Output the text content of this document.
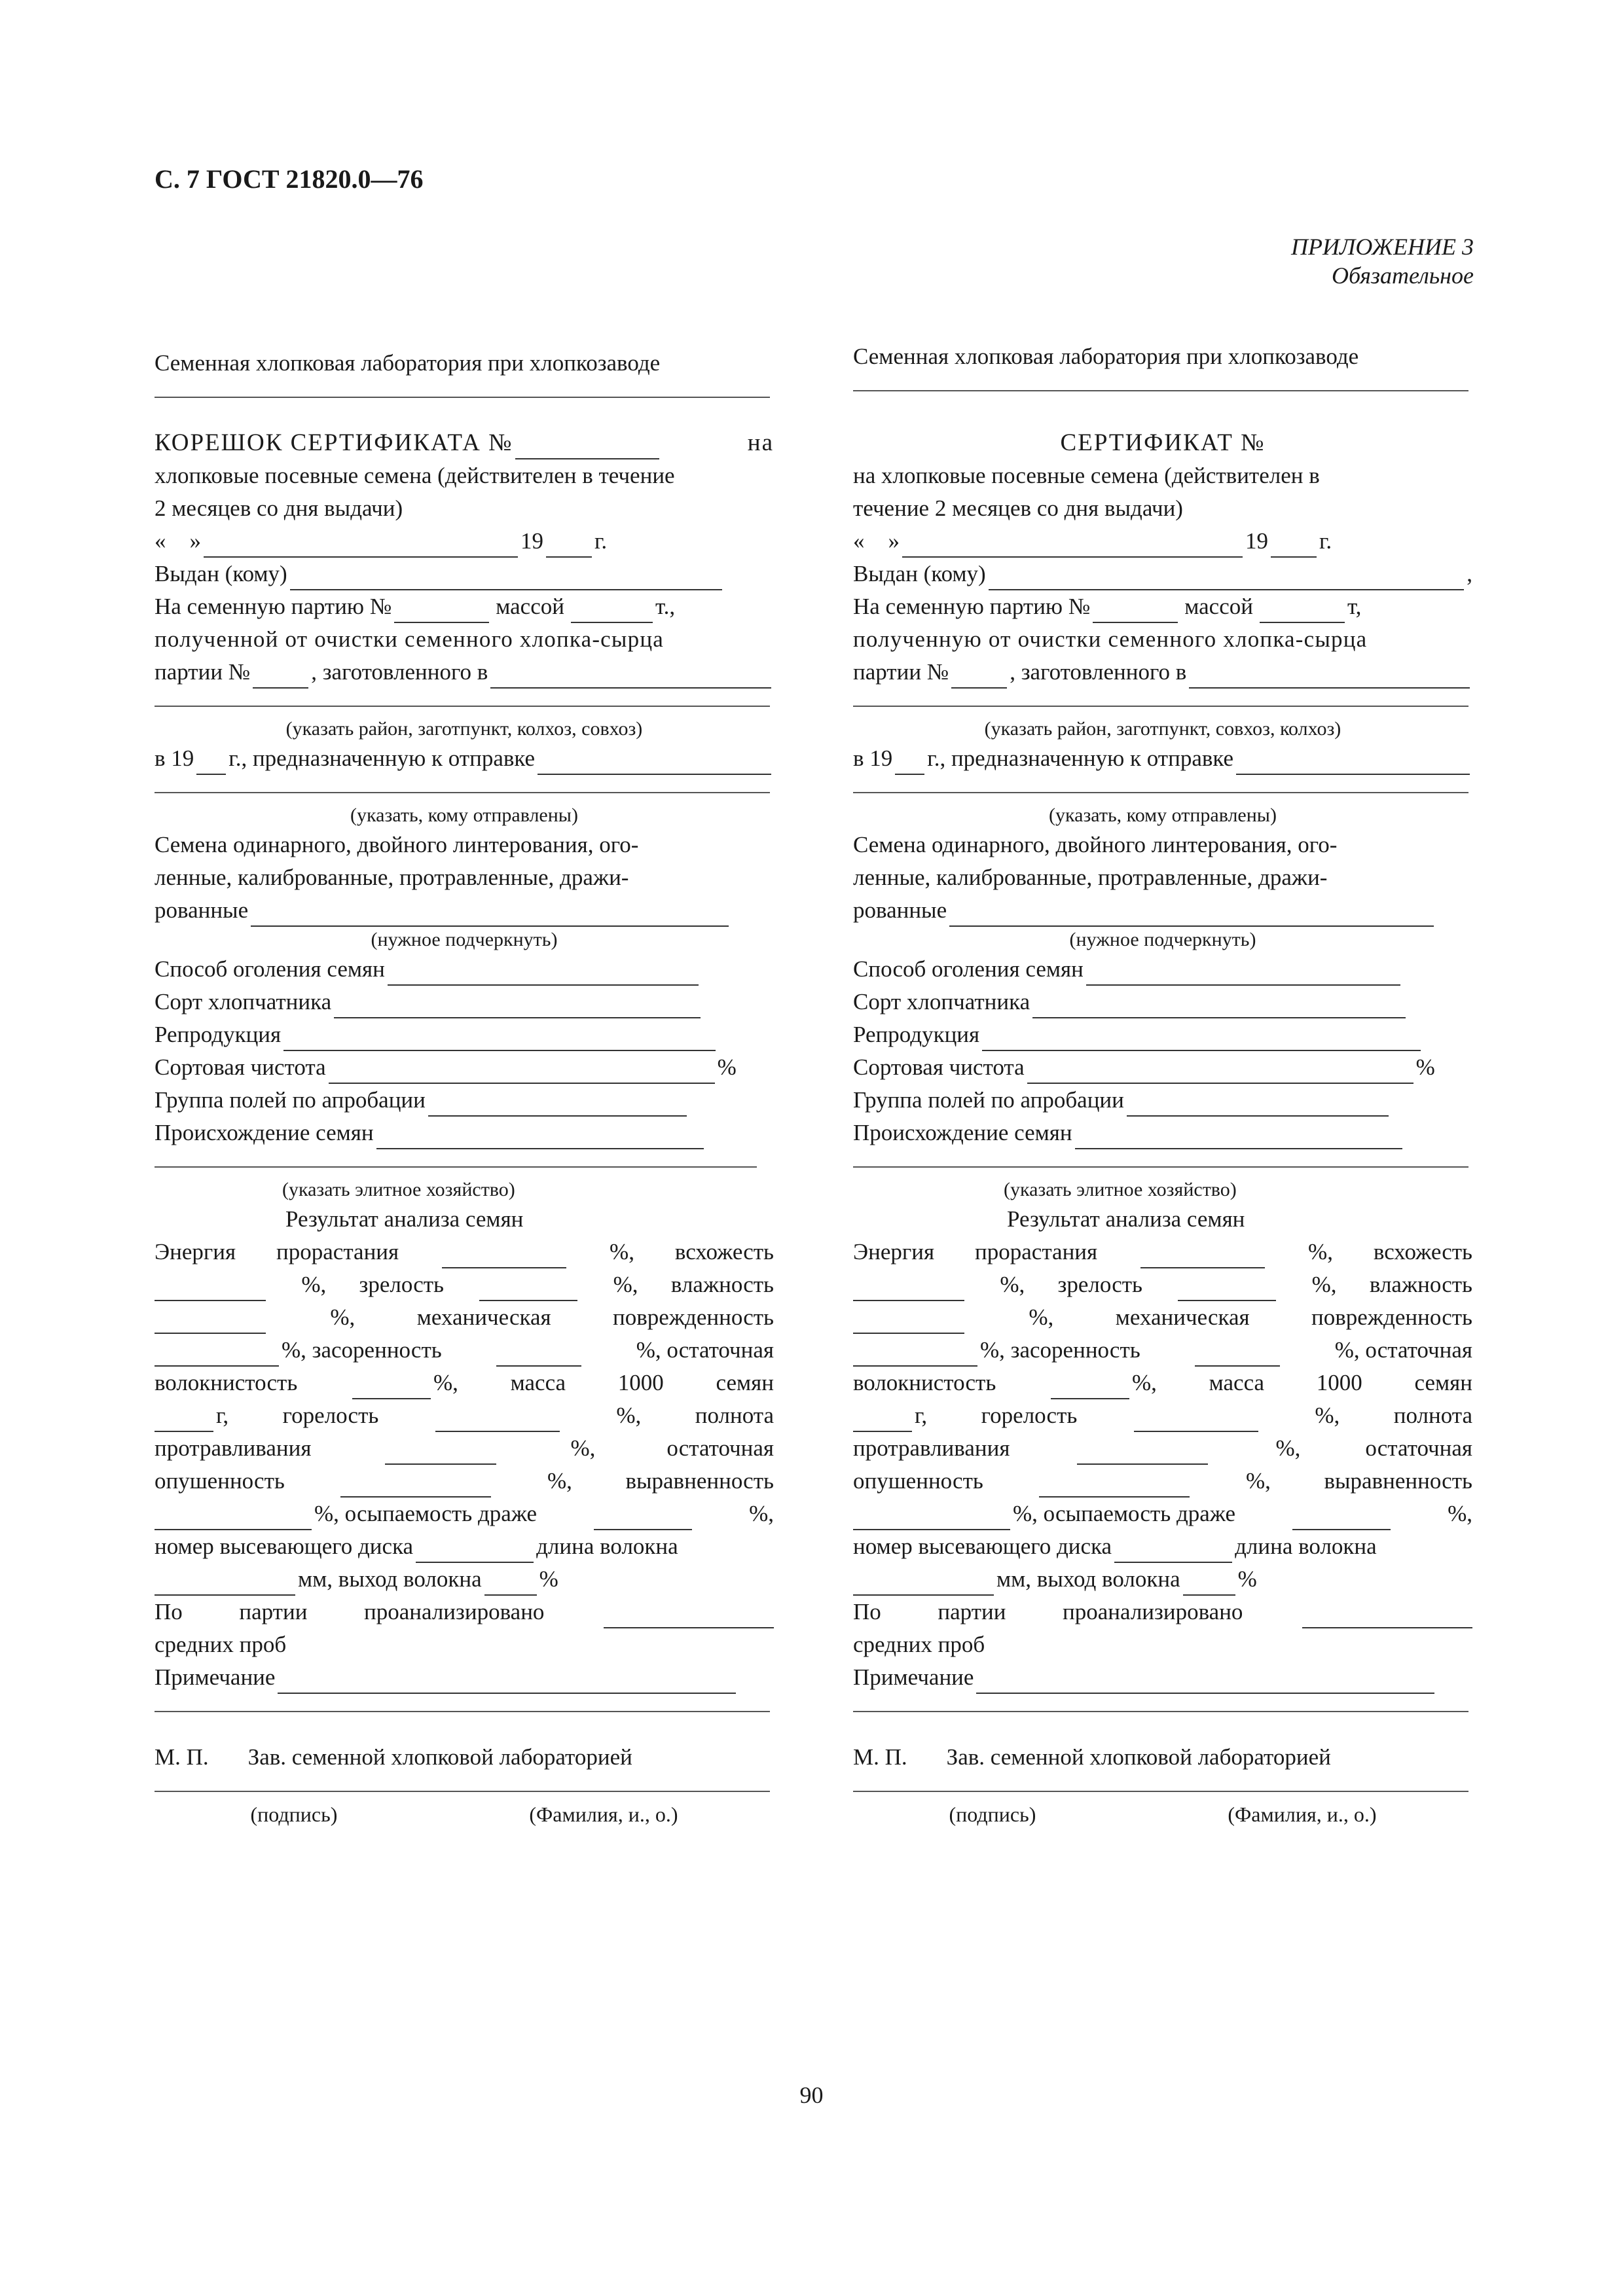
С. 7 ГОСТ 21820.0—76
ПРИЛОЖЕНИЕ 3
Обязательное
Семенная хлопковая лаборатория при хлопкозаводе
КОРЕШОК СЕРТИФИКАТА №	на
хлопковые посевные семена (действителен в течение
2 месяцев со дня выдачи)
« »	19 г.
Выдан (кому)
На семенную партию №	массой	т.,
полученной от очистки семенного хлопка-сырца
партии №	, заготовленного в
(указать район, заготпункт, колхоз, совхоз)
в 19 г., предназначенную к отправке
(указать, кому отправлены)
Семена одинарного, двойного линтерования, ого-
ленные, калиброванные, протравленные, дражи-
рованные
(нужное подчеркнуть)
Способ оголения семян
Сорт хлопчатника
Репродукция
Сортовая чистота	%
Группа полей по апробации
Происхождение семян
(указать элитное хозяйство)
Результат анализа семян
Энергия прорастания	%, всхожесть
%, зрелость	%, влажность
%,	механическая	поврежденность
%, засоренность	%, остаточная
волокнистость	%, масса 1000 семян
г, горелость	%, полнота
протравливания	%,	остаточная
опушенность	%, выравненность
%, осыпаемость драже	%,
номер высевающего диска	длина волокна
мм, выход волокна	%
По партии проанализировано
средних проб
Примечание
М. П. Зав. семенной хлопковой лабораторией
(подпись)	(Фамилия, и., о.)
Семенная хлопковая лаборатория при хлопкозаводе
СЕРТИФИКАТ №
на хлопковые посевные семена (действителен в
течение 2 месяцев со дня выдачи)
« »	19 г.
Выдан (кому)	,
На семенную партию №	массой	т,
полученную от очистки семенного хлопка-сырца
партии №	, заготовленного в
(указать район, заготпункт, совхоз, колхоз)
в 19 г., предназначенную к отправке
(указать, кому отправлены)
Семена одинарного, двойного линтерования, ого-
ленные, калиброванные, протравленные, дражи-
рованные
(нужное подчеркнуть)
Способ оголения семян
Сорт хлопчатника
Репродукция
Сортовая чистота	%
Группа полей по апробации
Происхождение семян
(указать элитное хозяйство)
Результат анализа семян
Энергия прорастания	%, всхожесть
%, зрелость	%, влажность
%,	механическая	поврежденность
%, засоренность	%, остаточная
волокнистость	%, масса 1000 семян
г, горелость	%, полнота
протравливания	%,	остаточная
опушенность	%, выравненность
%, осыпаемость драже	%,
номер высевающего диска	длина волокна
мм, выход волокна	%
По партии проанализировано
средних проб
Примечание
М. П. Зав. семенной хлопковой лабораторией
(подпись)	(Фамилия, и., о.)
90
